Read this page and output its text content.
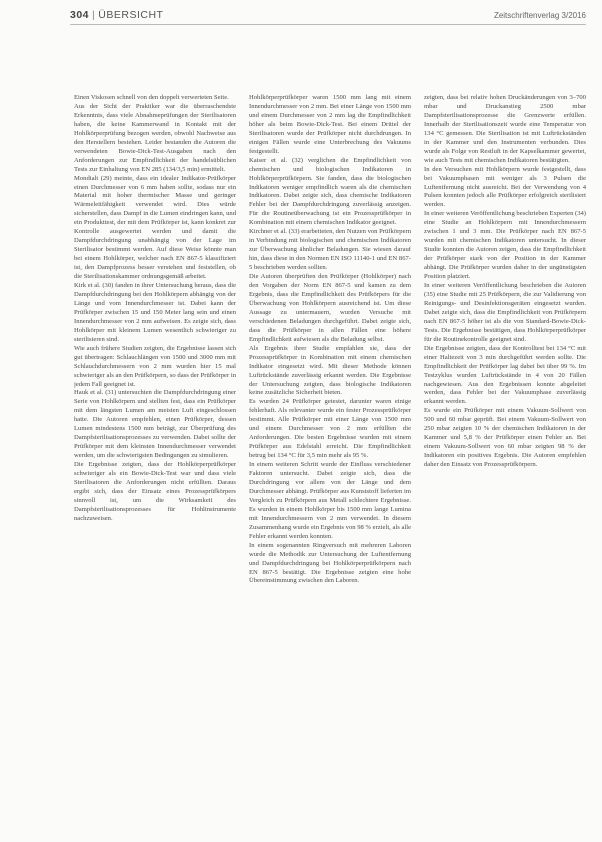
304 | ÜBERSICHT	Zeitschriftenverlag 3/2016

Einen Viskosen schnell von den doppelt verwerteten Seite.

Aus der Sicht der Praktiker war die überraschendste Erkenntnis, dass viele Abnahmeprüfungen der Sterilisatoren haben, die keine Kammerwand in Kontakt mit der Hohlkörperprüfung bezogen werden, obwohl Nachweise aus den Herstellern bestehen. Leider bestanden die Autoren die verwendeten Bowie-Dick-Test-Ausgaben nach den Anforderungen zur Empfindlichkeit der handelsüblichen Tests zur Einhaltung von EN 285 (134/3,5 min) ermittelt.

Mondialt (29) meinte, dass ein idealer Indikator-Prüfkörper einen Durchmesser von 6 mm haben sollte, sodass nur ein Material mit hoher thermischer Masse und geringer Wärmeleitfähigkeit verwendet wird. Dies würde sicherstellen, dass Dampf in die Lumen eindringen kann, und ein Produkttest, der mit dem Prüfkörper ist, kann konkret zur Kontrolle ausgewertet werden und damit die Dampfdurchdringung unabhängig von der Lage im Sterilisator bestimmt werden. Auf diese Weise könnte man bei einem Hohlkörper, welcher nach EN 867-5 klassifiziert ist, den Dampfprozess besser verstehen und feststellen, ob die Sterilisationskammer ordnungsgemäß arbeitet.

Kirk et al. (30) fanden in ihrer Untersuchung heraus, dass die Dampfdurchdringung bei den Hohlkörpern abhängig von der Länge und vom Innendurchmesser ist. Dabei kann der Prüfkörper zwischen 15 und 150 Meter lang sein und einen Innendurchmesser von 2 mm aufweisen. Es zeigte sich, dass Hohlkörper mit kleinem Lumen wesentlich schwieriger zu sterilisieren sind.

Wie auch frühere Studien zeigten, die Ergebnisse lassen sich gut übertragen: Schlauchlängen von 1500 und 3000 mm mit Schlauchdurchmessern von 2 mm wurden hier 15 mal schwieriger als an den Prüfkörpern, so dass der Prüfkörper in jedem Fall geeignet ist.

Hauk et al. (31) untersuchten die Dampfdurchdringung einer Serie von Hohlkörpern und stellten fest, dass ein Prüfkörper mit dem längsten Lumen am meisten Luft eingeschlossen hatte. Die Autoren empfehlen, einen Prüfkörper, dessen Lumen mindestens 1500 mm beträgt, zur Überprüfung des Dampfsterilisationsprozesses zu verwenden. Dabei sollte der Prüfkörper mit dem kleinsten Innendurchmesser verwendet werden, um die schwierigsten Bedingungen zu simulieren.

Die Ergebnisse zeigten, dass der Hohlkörperprüfkörper schwieriger als ein Bowie-Dick-Test war und dass viele Sterilisatoren die Anforderungen nicht erfüllten. Daraus ergibt sich, dass der Einsatz eines Prozessprüfkörpers sinnvoll ist, um die Wirksamkeit des Dampfsterilisationsprozesses für Hohlinstrumente nachzuweisen.

Hohlkörperprüfkörper waren 1500 mm lang mit einem Innendurchmesser von 2 mm. Bei einer Länge von 1500 mm und einem Durchmesser von 2 mm lag die Empfindlichkeit höher als beim Bowie-Dick-Test. Bei einem Drittel der Sterilisatoren wurde der Prüfkörper nicht durchdrungen. In einigen Fällen wurde eine Unterbrechung des Vakuums festgestellt.

Kaiser et al. (32) verglichen die Empfindlichkeit von chemischen und biologischen Indikatoren in Hohlkörperprüfkörpern. Sie fanden, dass die biologischen Indikatoren weniger empfindlich waren als die chemischen Indikatoren. Dabei zeigte sich, dass chemische Indikatoren Fehler bei der Dampfdurchdringung zuverlässig anzeigen. Für die Routineüberwachung ist ein Prozessprüfkörper in Kombination mit einem chemischen Indikator geeignet.

Kirchner et al. (33) erarbeiteten, den Nutzen von Prüfkörpern in Verbindung mit biologischen und chemischen Indikatoren zur Überwachung ähnlicher Beladungen. Sie wiesen darauf hin, dass diese in den Normen EN ISO 11140-1 und EN 867-5 beschrieben werden sollten.

Die Autoren überprüften den Prüfkörper (Hohlkörper) nach den Vorgaben der Norm EN 867-5 und kamen zu dem Ergebnis, dass die Empfindlichkeit des Prüfkörpers für die Überwachung von Hohlkörpern ausreichend ist. Um diese Aussage zu untermauern, wurden Versuche mit verschiedenen Beladungen durchgeführt. Dabei zeigte sich, dass die Prüfkörper in allen Fällen eine höhere Empfindlichkeit aufwiesen als die Beladung selbst.

Als Ergebnis ihrer Studie empfahlen sie, dass der Prozessprüfkörper in Kombination mit einem chemischen Indikator eingesetzt wird. Mit dieser Methode können Luftrückstände zuverlässig erkannt werden. Die Ergebnisse der Untersuchung zeigten, dass biologische Indikatoren keine zusätzliche Sicherheit bieten.

Es wurden 24 Prüfkörper getestet, darunter waren einige fehlerhaft. Als relevanter wurde ein fester Prozessprüfkörper bestimmt. Alle Prüfkörper mit einer Länge von 1500 mm und einem Durchmesser von 2 mm erfüllten die Anforderungen. Die besten Ergebnisse wurden mit einem Prüfkörper aus Edelstahl erreicht. Die Empfindlichkeit betrug bei 134 °C für 3,5 min mehr als 95 %.

In einem weiteren Schritt wurde der Einfluss verschiedener Faktoren untersucht. Dabei zeigte sich, dass die Durchdringung vor allem von der Länge und dem Durchmesser abhängt. Prüfkörper aus Kunststoff lieferten im Vergleich zu Prüfkörpern aus Metall schlechtere Ergebnisse. Es wurden in einem Hohlkörper bis 1500 mm lange Lumina mit Innendurchmessern von 2 mm verwendet. In diesem Zusammenhang wurde ein Ergebnis von 98 % erzielt, als alle Fehler erkannt werden konnten.

In einem sogenannten Ringversuch mit mehreren Laboren wurde die Methodik zur Untersuchung der Luftentfernung und Dampfdurchdringung bei Hohlkörperprüfkörpern nach EN 867-5 bestätigt. Die Ergebnisse zeigten eine hohe Übereinstimmung zwischen den Laboren.

zeigten, dass bei relativ hohen Druckänderungen von 3–700 mbar und Druckanstieg 2500 mbar Dampfsterilisationsprozesse die Grenzwerte erfüllen. Innerhalb der Sterilisationszeit wurde eine Temperatur von 134 °C gemessen. Die Sterilisation ist mit Luftrückständen in der Kammer und den Instrumenten verbunden. Dies wurde als Folge von Restluft in der Kapselkammer gewertet, wie auch Tests mit chemischen Indikatoren bestätigten.

In den Versuchen mit Hohlkörpern wurde festgestellt, dass bei Vakuumphasen mit weniger als 3 Pulsen die Luftentfernung nicht ausreicht. Bei der Verwendung von 4 Pulsen konnten jedoch alle Prüfkörper erfolgreich sterilisiert werden.

In einer weiteren Veröffentlichung beschrieben Experten (34) eine Studie an Hohlkörpern mit Innendurchmessern zwischen 1 und 3 mm. Die Prüfkörper nach EN 867-5 wurden mit chemischen Indikatoren untersucht. In dieser Studie konnten die Autoren zeigen, dass die Empfindlichkeit der Prüfkörper stark von der Position in der Kammer abhängt. Die Prüfkörper wurden daher in der ungünstigsten Position platziert.

In einer weiteren Veröffentlichung beschrieben die Autoren (35) eine Studie mit 25 Prüfkörpern, die zur Validierung von Reinigungs- und Desinfektionsgeräten eingesetzt wurden. Dabei zeigte sich, dass die Empfindlichkeit von Prüfkörpern nach EN 867-5 höher ist als die von Standard-Bowie-Dick-Tests. Die Ergebnisse bestätigen, dass Hohlkörperprüfkörper für die Routinekontrolle geeignet sind.

Die Ergebnisse zeigten, dass der Kontrolltest bei 134 °C mit einer Haltezeit von 3 min durchgeführt werden sollte. Die Empfindlichkeit der Prüfkörper lag dabei bei über 99 %. Im Testzyklus wurden Luftrückstände in 4 von 20 Fällen nachgewiesen. Aus den Ergebnissen konnte abgeleitet werden, dass Fehler bei der Vakuumphase zuverlässig erkannt werden.

Es wurde ein Prüfkörper mit einem Vakuum-Sollwert von 500 und 60 mbar geprüft. Bei einem Vakuum-Sollwert von 250 mbar zeigten 10 % der chemischen Indikatoren in der Kammer und 5,8 % der Prüfkörper einen Fehler an. Bei einem Vakuum-Sollwert von 60 mbar zeigten 98 % der Indikatoren ein positives Ergebnis. Die Autoren empfehlen daher den Einsatz von Prozessprüfkörpern.
